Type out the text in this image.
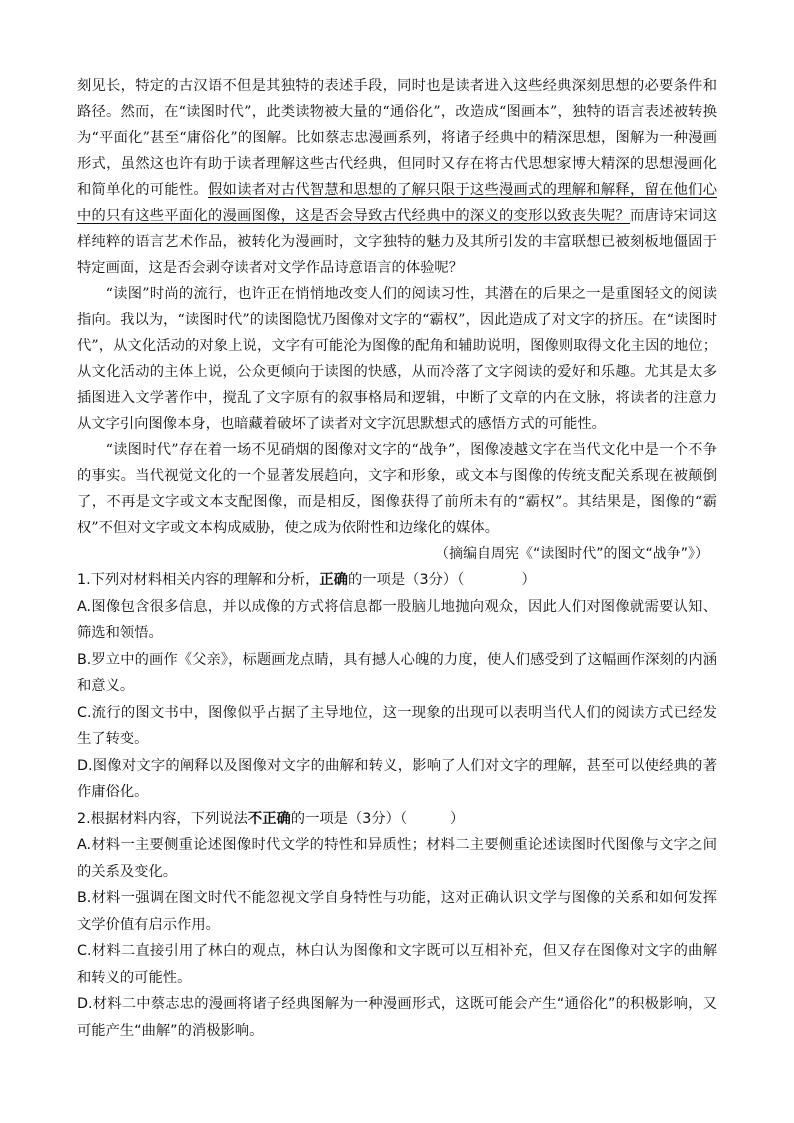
刻见长，特定的古汉语不但是其独特的表述手段，同时也是读者进入这些经典深刻思想的必要条件和路径。然而，在“读图时代”，此类读物被大量的“通俗化”，改造成“图画本”，独特的语言表述被转换为“平面化”甚至“庸俗化”的图解。比如蔡志忠漫画系列，将诸子经典中的精深思想，图解为一种漫画形式，虽然这也许有助于读者理解这些古代经典，但同时又存在将古代思想家博大精深的思想漫画化和简单化的可能性。假如读者对古代智慧和思想的了解只限于这些漫画式的理解和解释，留在他们心中的只有这些平面化的漫画图像，这是否会导致古代经典中的深义的变形以致丧失呢？而唐诗宋词这样纯粹的语言艺术作品，被转化为漫画时，文字独特的魅力及其所引发的丰富联想已被刻板地僵固于特定画面，这是否会剥夺读者对文学作品诗意语言的体验呢？

“读图”时尚的流行，也许正在悄悄地改变人们的阅读习性，其潜在的后果之一是重图轻文的阅读指向。我以为，“读图时代”的读图隐忧乃图像对文字的“霸权”，因此造成了对文字的挤压。在“读图时代”，从文化活动的对象上说，文字有可能沦为图像的配角和辅助说明，图像则取得文化主因的地位；从文化活动的主体上说，公众更倾向于读图的快感，从而冷落了文字阅读的爱好和乐趣。尤其是太多插图进入文学著作中，搅乱了文字原有的叙事格局和逻辑，中断了文章的内在文脉，将读者的注意力从文字引向图像本身，也暗藏着破坏了读者对文字沉思默想式的感悟方式的可能性。

“读图时代”存在着一场不见硝烟的图像对文字的“战争”，图像凌越文字在当代文化中是一个不争的事实。当代视觉文化的一个显著发展趋向，文字和形象，或文本与图像的传统支配关系现在被颠倒了，不再是文字或文本支配图像，而是相反，图像获得了前所未有的“霸权”。其结果是，图像的“霸权”不但对文字或文本构成威胁，使之成为依附性和边缘化的媒体。

（摘编自周宪《“读图时代”的图文“战争”》）

1.下列对材料相关内容的理解和分析，正确的一项是（3分）（　　　　）

A.图像包含很多信息，并以成像的方式将信息都一股脑儿地抛向观众，因此人们对图像就需要认知、筛选和领悟。

B.罗立中的画作《父亲》，标题画龙点睛，具有撼人心魄的力度，使人们感受到了这幅画作深刻的内涵和意义。

C.流行的图文书中，图像似乎占据了主导地位，这一现象的出现可以表明当代人们的阅读方式已经发生了转变。

D.图像对文字的阐释以及图像对文字的曲解和转义，影响了人们对文字的理解，甚至可以使经典的著作庸俗化。

2.根据材料内容，下列说法不正确的一项是（3分）（　　　）

A.材料一主要侧重论述图像时代文学的特性和异质性；材料二主要侧重论述读图时代图像与文字之间的关系及变化。

B.材料一强调在图文时代不能忽视文学自身特性与功能，这对正确认识文学与图像的关系和如何发挥文学价值有启示作用。

C.材料二直接引用了林白的观点，林白认为图像和文字既可以互相补充，但又存在图像对文字的曲解和转义的可能性。

D.材料二中蔡志忠的漫画将诸子经典图解为一种漫画形式，这既可能会产生“通俗化”的积极影响，又可能产生“曲解”的消极影响。
